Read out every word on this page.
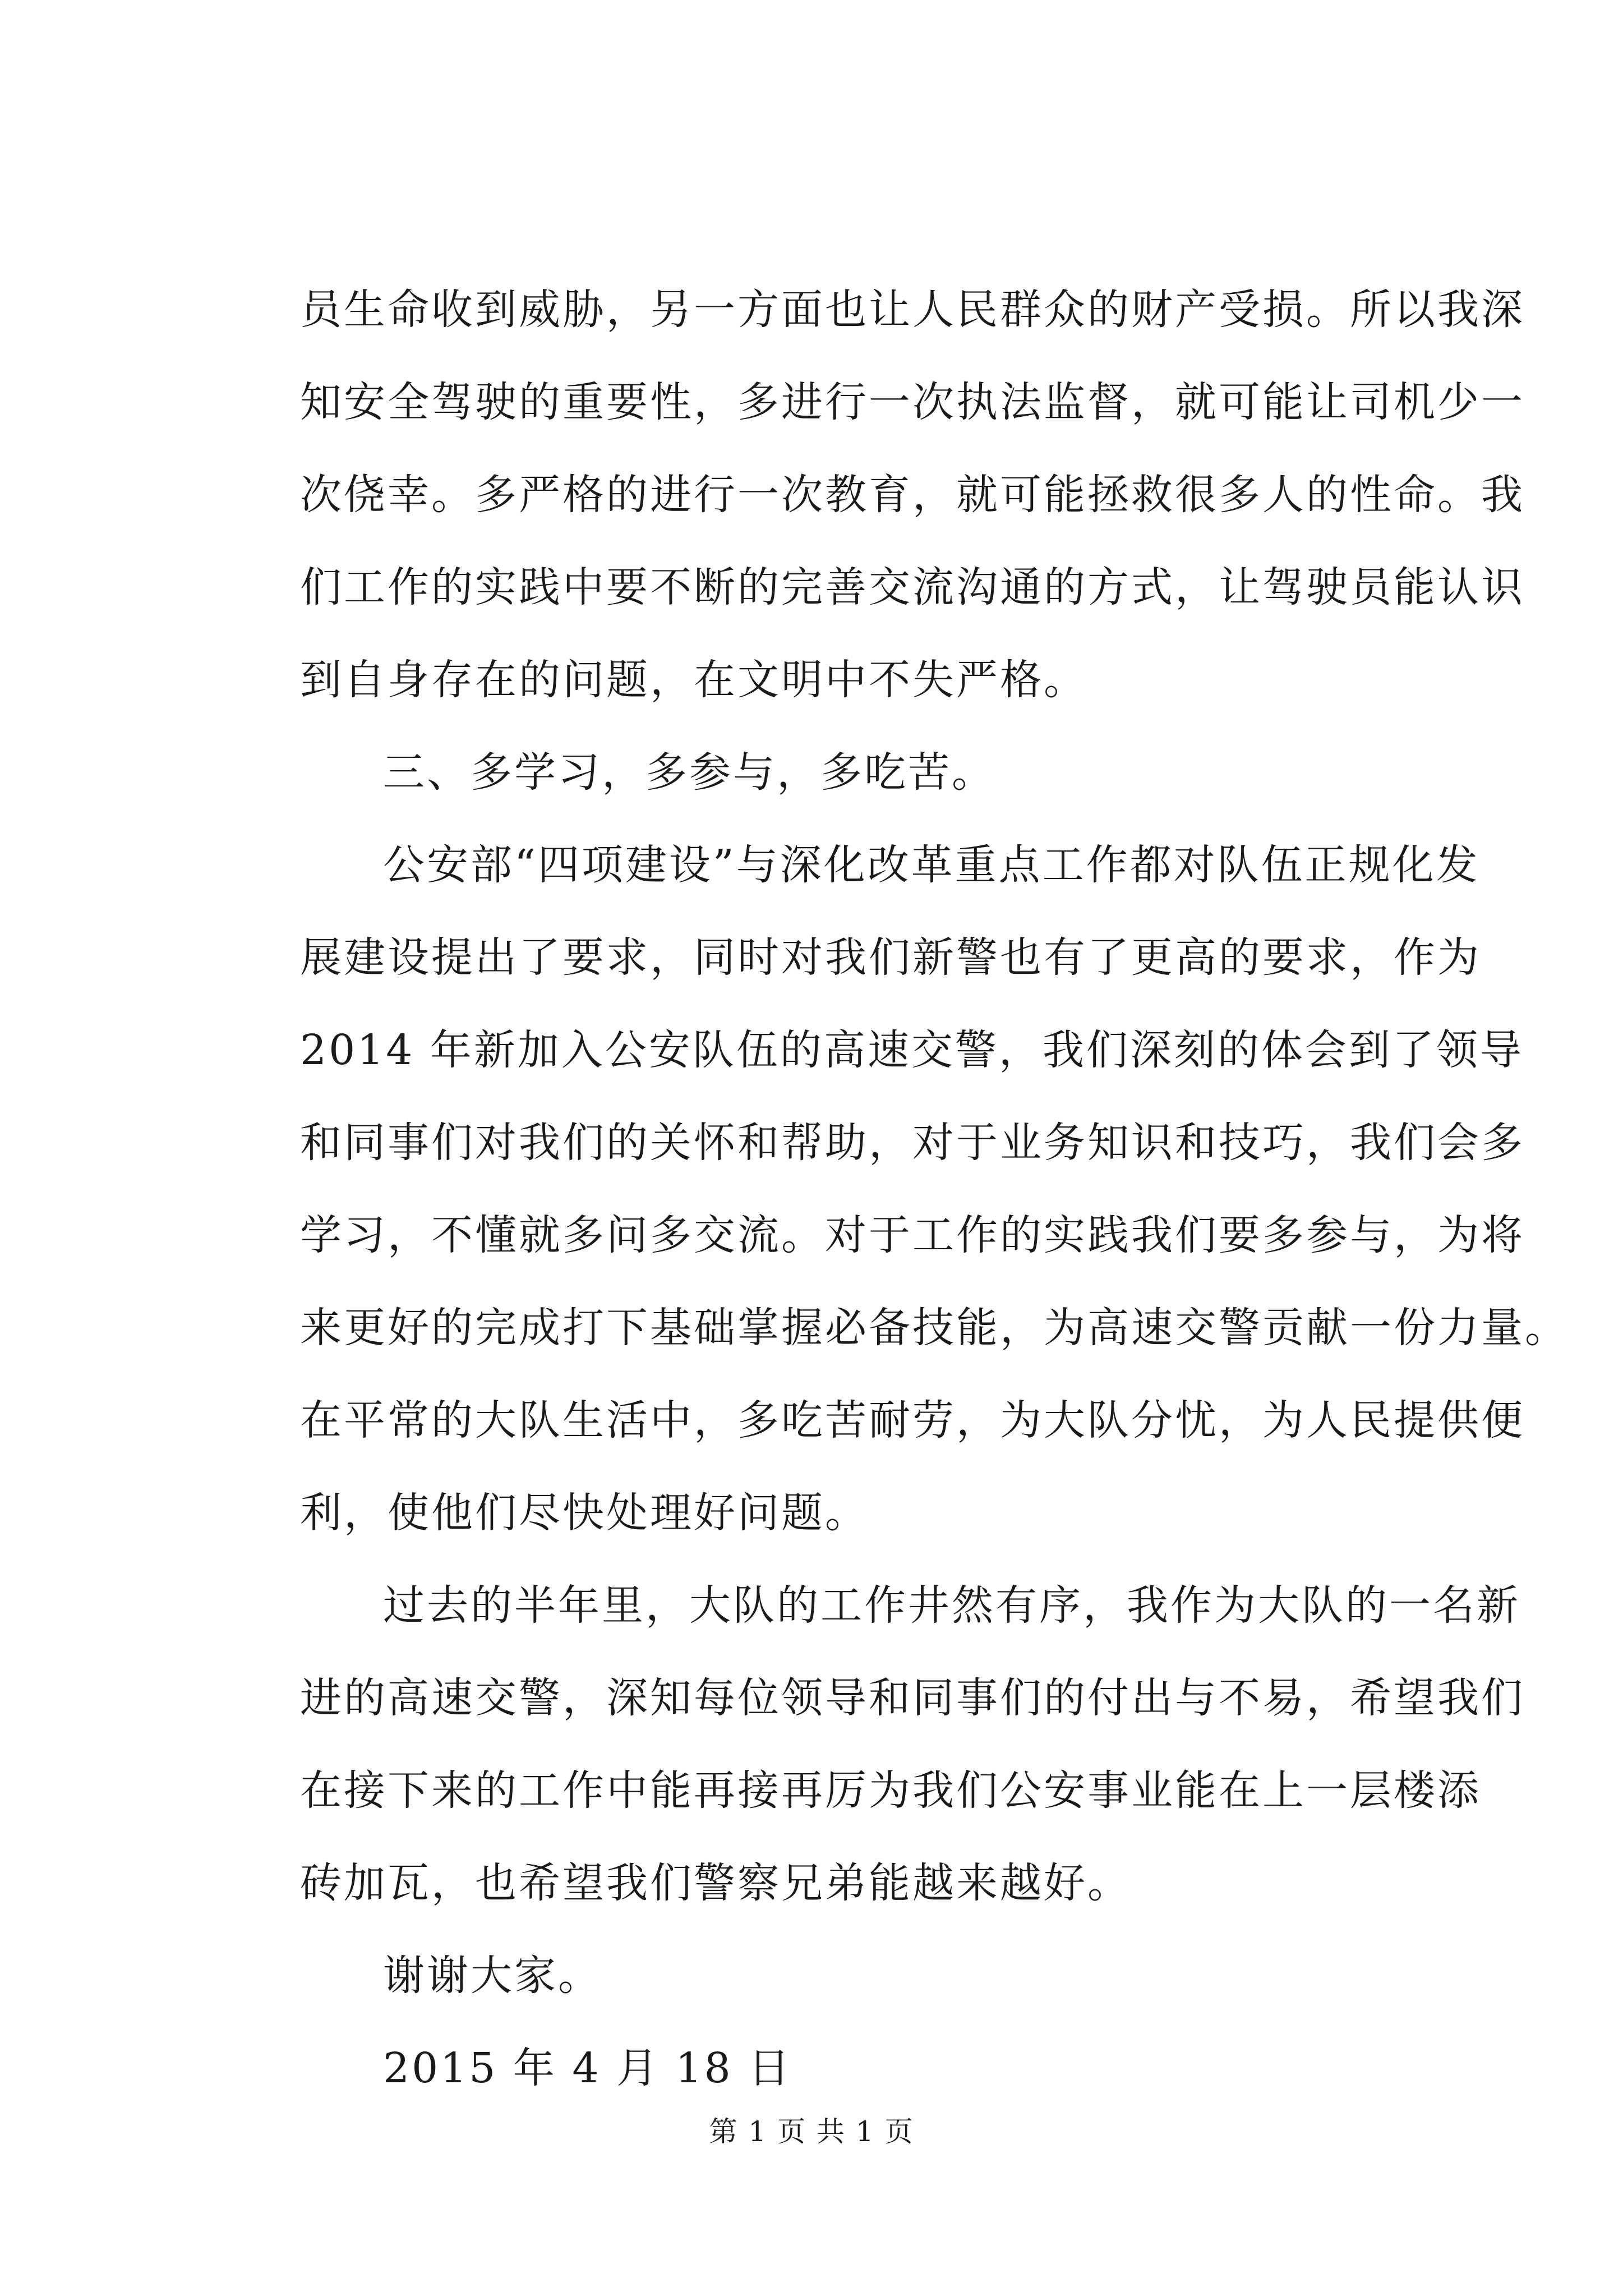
员生命收到威胁，另一方面也让人民群众的财产受损。所以我深
知安全驾驶的重要性，多进行一次执法监督，就可能让司机少一
次侥幸。多严格的进行一次教育，就可能拯救很多人的性命。我
们工作的实践中要不断的完善交流沟通的方式，让驾驶员能认识
到自身存在的问题，在文明中不失严格。
三、多学习，多参与，多吃苦。
公安部“四项建设”与深化改革重点工作都对队伍正规化发
展建设提出了要求，同时对我们新警也有了更高的要求，作为
2014 年新加入公安队伍的高速交警，我们深刻的体会到了领导
和同事们对我们的关怀和帮助，对于业务知识和技巧，我们会多
学习，不懂就多问多交流。对于工作的实践我们要多参与，为将
来更好的完成打下基础掌握必备技能，为高速交警贡献一份力量。
在平常的大队生活中，多吃苦耐劳，为大队分忧，为人民提供便
利，使他们尽快处理好问题。
过去的半年里，大队的工作井然有序，我作为大队的一名新
进的高速交警，深知每位领导和同事们的付出与不易，希望我们
在接下来的工作中能再接再厉为我们公安事业能在上一层楼添
砖加瓦，也希望我们警察兄弟能越来越好。
谢谢大家。
2015 年 4 月 18 日
第 1 页 共 1 页
